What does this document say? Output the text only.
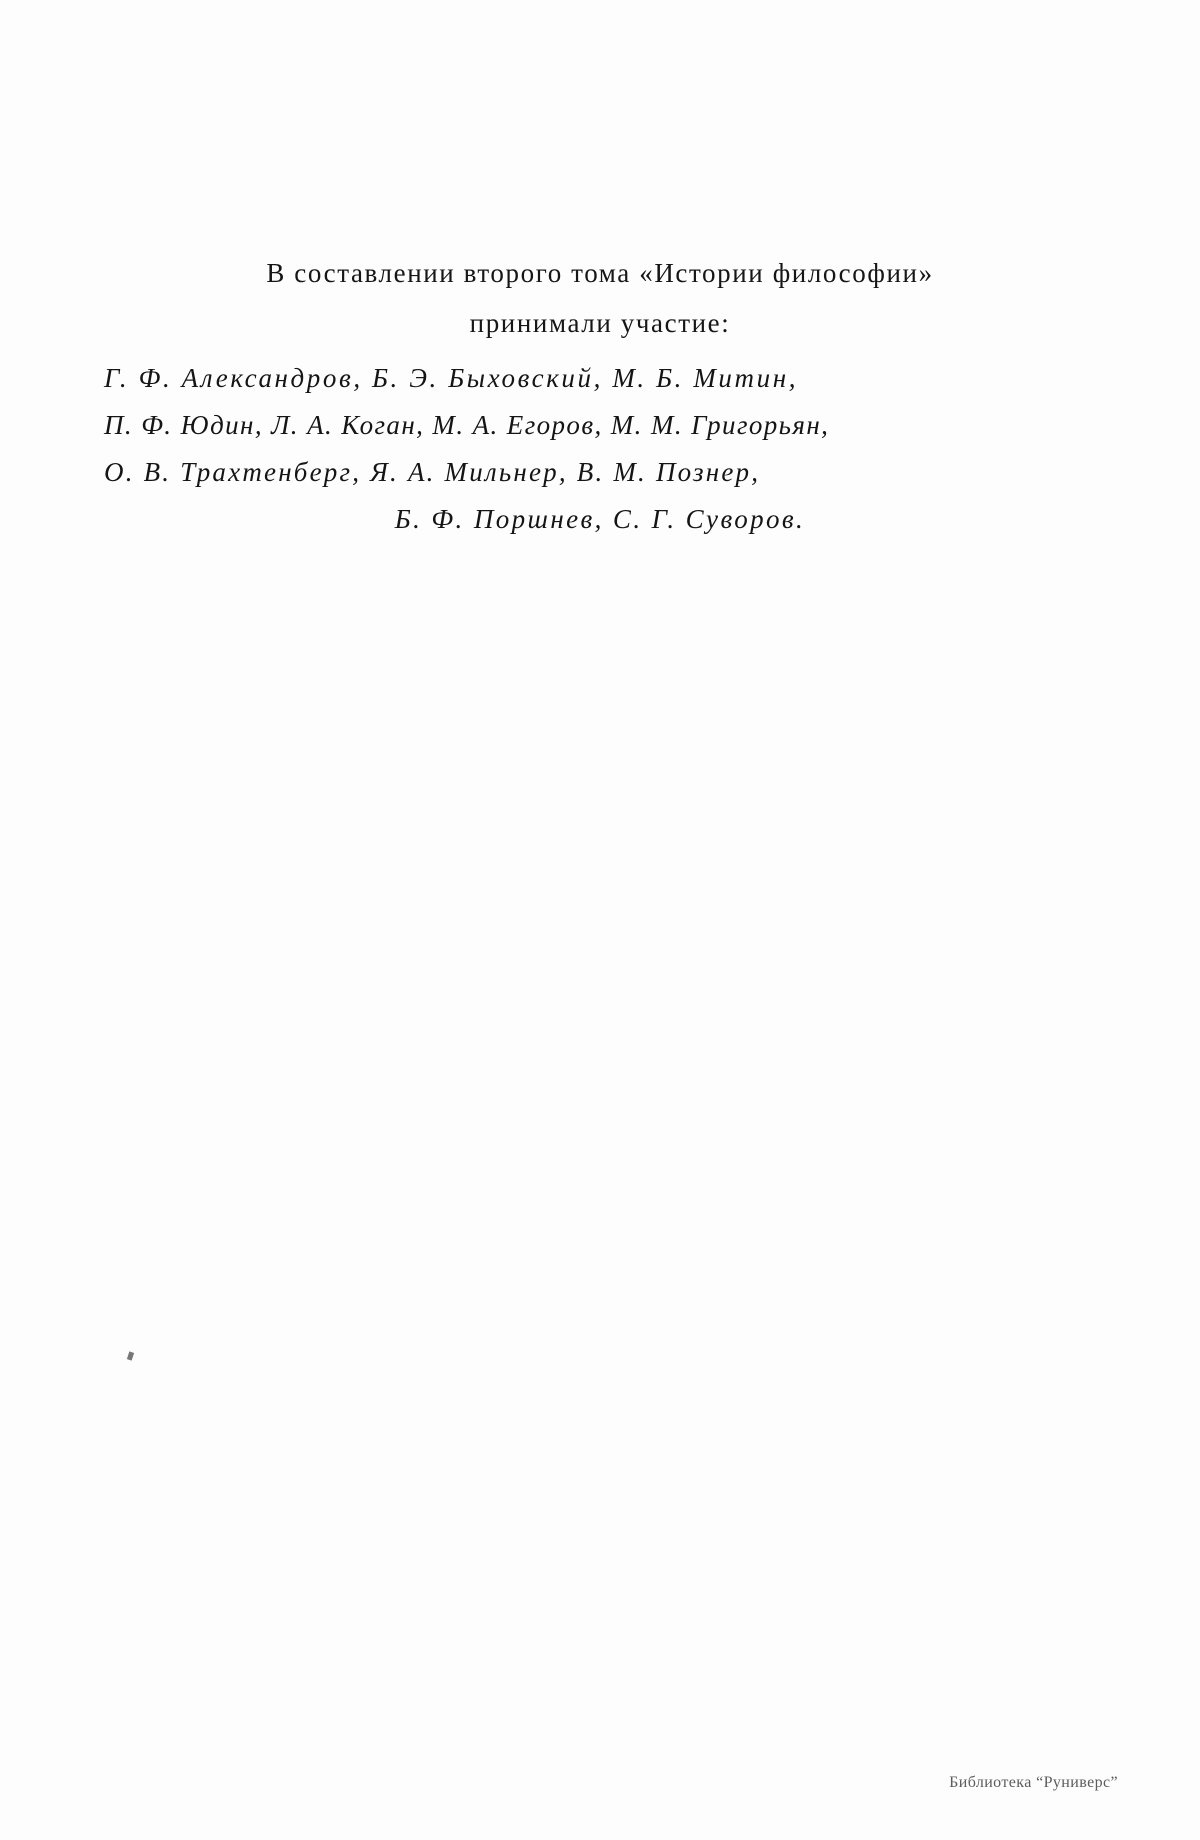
В составлении второго тома «Истории философии»
принимали участие:
Г. Ф. Александров, Б. Э. Быховский, М. Б. Митин,
П. Ф. Юдин, Л. А. Коган, М. А. Егоров, М. М. Григорьян,
О. В. Трахтенберг, Я. А. Мильнер, В. М. Познер,
Б. Ф. Поршнев, С. Г. Суворов.
Библиотека “Руниверс”
